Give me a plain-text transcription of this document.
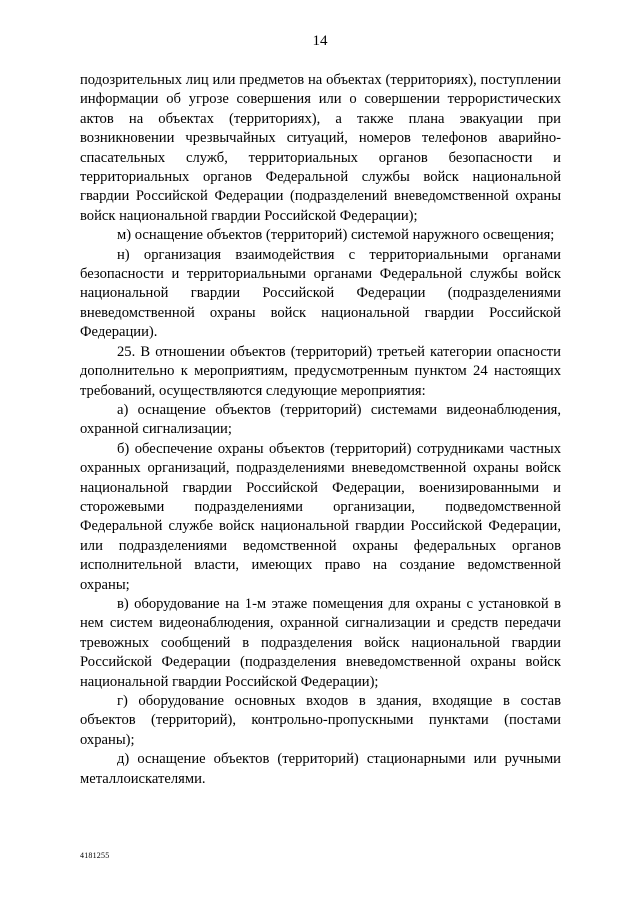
14

подозрительных лиц или предметов на объектах (территориях), поступлении информации об угрозе совершения или о совершении террористических актов на объектах (территориях), а также плана эвакуации при возникновении чрезвычайных ситуаций, номеров телефонов аварийно-спасательных служб, территориальных органов безопасности и территориальных органов Федеральной службы войск национальной гвардии Российской Федерации (подразделений вневедомственной охраны войск национальной гвардии Российской Федерации);

м) оснащение объектов (территорий) системой наружного освещения;

н) организация взаимодействия с территориальными органами безопасности и территориальными органами Федеральной службы войск национальной гвардии Российской Федерации (подразделениями вневедомственной охраны войск национальной гвардии Российской Федерации).

25. В отношении объектов (территорий) третьей категории опасности дополнительно к мероприятиям, предусмотренным пунктом 24 настоящих требований, осуществляются следующие мероприятия:

а) оснащение объектов (территорий) системами видеонаблюдения, охранной сигнализации;

б) обеспечение охраны объектов (территорий) сотрудниками частных охранных организаций, подразделениями вневедомственной охраны войск национальной гвардии Российской Федерации, военизированными и сторожевыми подразделениями организации, подведомственной Федеральной службе войск национальной гвардии Российской Федерации, или подразделениями ведомственной охраны федеральных органов исполнительной власти, имеющих право на создание ведомственной охраны;

в) оборудование на 1-м этаже помещения для охраны с установкой в нем систем видеонаблюдения, охранной сигнализации и средств передачи тревожных сообщений в подразделения войск национальной гвардии Российской Федерации (подразделения вневедомственной охраны войск национальной гвардии Российской Федерации);

г) оборудование основных входов в здания, входящие в состав объектов (территорий), контрольно-пропускными пунктами (постами охраны);

д) оснащение объектов (территорий) стационарными или ручными металлоискателями.

4181255
